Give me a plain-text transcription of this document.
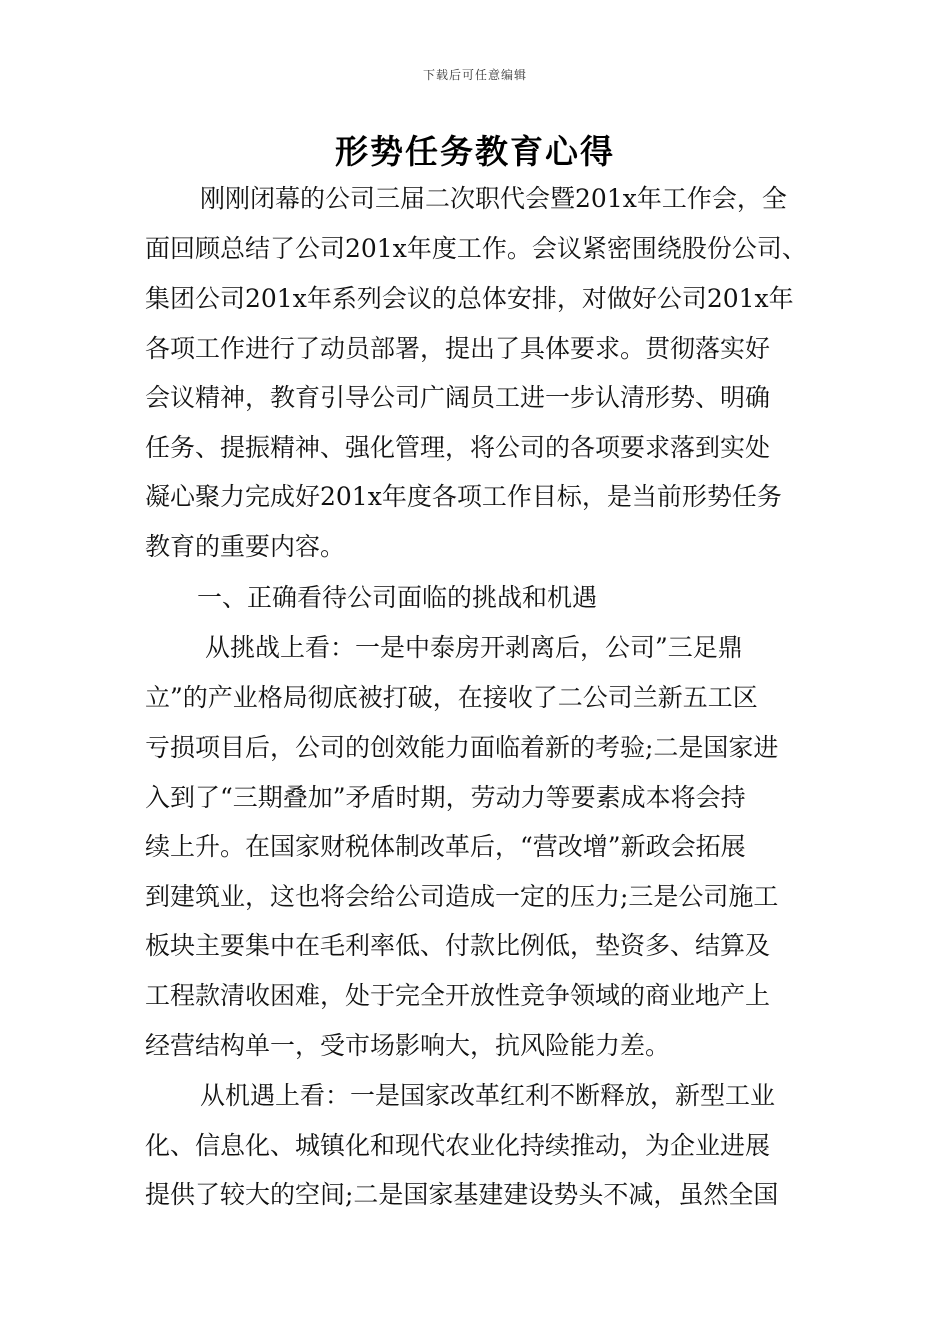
下载后可任意编辑
形势任务教育心得
刚刚闭幕的公司三届二次职代会暨201x年工作会，全
面回顾总结了公司201x年度工作。会议紧密围绕股份公司、
集团公司201x年系列会议的总体安排，对做好公司201x年
各项工作进行了动员部署，提出了具体要求。贯彻落实好
会议精神，教育引导公司广阔员工进一步认清形势、明确
任务、提振精神、强化管理，将公司的各项要求落到实处
凝心聚力完成好201x年度各项工作目标，是当前形势任务
教育的重要内容。
一、正确看待公司面临的挑战和机遇
从挑战上看：一是中泰房开剥离后，公司”三足鼎
立”的产业格局彻底被打破，在接收了二公司兰新五工区
亏损项目后，公司的创效能力面临着新的考验;二是国家进
入到了“三期叠加”矛盾时期，劳动力等要素成本将会持
续上升。在国家财税体制改革后，“营改增”新政会拓展
到建筑业，这也将会给公司造成一定的压力;三是公司施工
板块主要集中在毛利率低、付款比例低，垫资多、结算及
工程款清收困难，处于完全开放性竞争领域的商业地产上
经营结构单一，受市场影响大，抗风险能力差。
从机遇上看：一是国家改革红利不断释放，新型工业
化、信息化、城镇化和现代农业化持续推动，为企业进展
提供了较大的空间;二是国家基建建设势头不减，虽然全国
